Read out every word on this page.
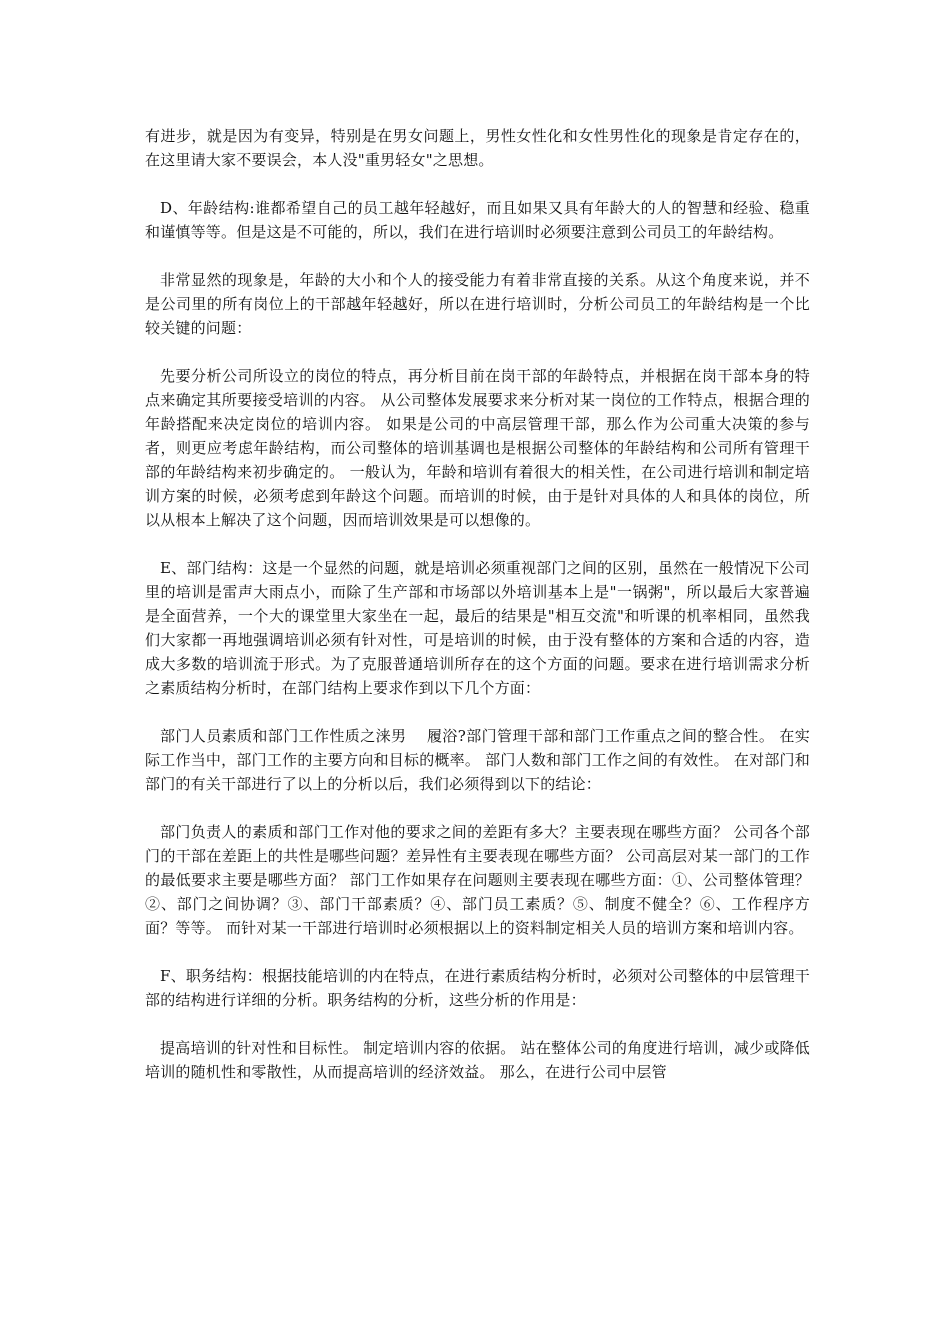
有进步，就是因为有变异，特别是在男女问题上，男性女性化和女性男性化的现象是肯定存在的，在这里请大家不要误会，本人没"重男轻女"之思想。

D、年龄结构:谁都希望自己的员工越年轻越好，而且如果又具有年龄大的人的智慧和经验、稳重和谨慎等等。但是这是不可能的，所以，我们在进行培训时必须要注意到公司员工的年龄结构。

非常显然的现象是，年龄的大小和个人的接受能力有着非常直接的关系。从这个角度来说，并不是公司里的所有岗位上的干部越年轻越好，所以在进行培训时，分析公司员工的年龄结构是一个比较关键的问题：

先要分析公司所设立的岗位的特点，再分析目前在岗干部的年龄特点，并根据在岗干部本身的特点来确定其所要接受培训的内容。 从公司整体发展要求来分析对某一岗位的工作特点，根据合理的年龄搭配来决定岗位的培训内容。 如果是公司的中高层管理干部，那么作为公司重大决策的参与者，则更应考虑年龄结构，而公司整体的培训基调也是根据公司整体的年龄结构和公司所有管理干部的年龄结构来初步确定的。 一般认为，年龄和培训有着很大的相关性，在公司进行培训和制定培训方案的时候，必须考虑到年龄这个问题。而培训的时候，由于是针对具体的人和具体的岗位，所以从根本上解决了这个问题，因而培训效果是可以想像的。

E、部门结构：这是一个显然的问题，就是培训必须重视部门之间的区别，虽然在一般情况下公司里的培训是雷声大雨点小，而除了生产部和市场部以外培训基本上是"一锅粥"，所以最后大家普遍是全面营养，一个大的课堂里大家坐在一起，最后的结果是"相互交流"和听课的机率相同，虽然我们大家都一再地强调培训必须有针对性，可是培训的时候，由于没有整体的方案和合适的内容，造成大多数的培训流于形式。为了克服普通培训所存在的这个方面的问题。要求在进行培训需求分析之素质结构分析时，在部门结构上要求作到以下几个方面：

部门人员素质和部门工作性质之涞男　 履浴?部门管理干部和部门工作重点之间的整合性。 在实际工作当中，部门工作的主要方向和目标的概率。 部门人数和部门工作之间的有效性。 在对部门和部门的有关干部进行了以上的分析以后，我们必须得到以下的结论：

部门负责人的素质和部门工作对他的要求之间的差距有多大？主要表现在哪些方面？ 公司各个部门的干部在差距上的共性是哪些问题？差异性有主要表现在哪些方面？ 公司高层对某一部门的工作的最低要求主要是哪些方面？ 部门工作如果存在问题则主要表现在哪些方面：①、公司整体管理？②、部门之间协调？③、部门干部素质？④、部门员工素质？⑤、制度不健全？⑥、工作程序方面？等等。 而针对某一干部进行培训时必须根据以上的资料制定相关人员的培训方案和培训内容。

F、职务结构：根据技能培训的内在特点，在进行素质结构分析时，必须对公司整体的中层管理干部的结构进行详细的分析。职务结构的分析，这些分析的作用是：

提高培训的针对性和目标性。 制定培训内容的依据。 站在整体公司的角度进行培训，减少或降低培训的随机性和零散性，从而提高培训的经济效益。 那么，在进行公司中层管
